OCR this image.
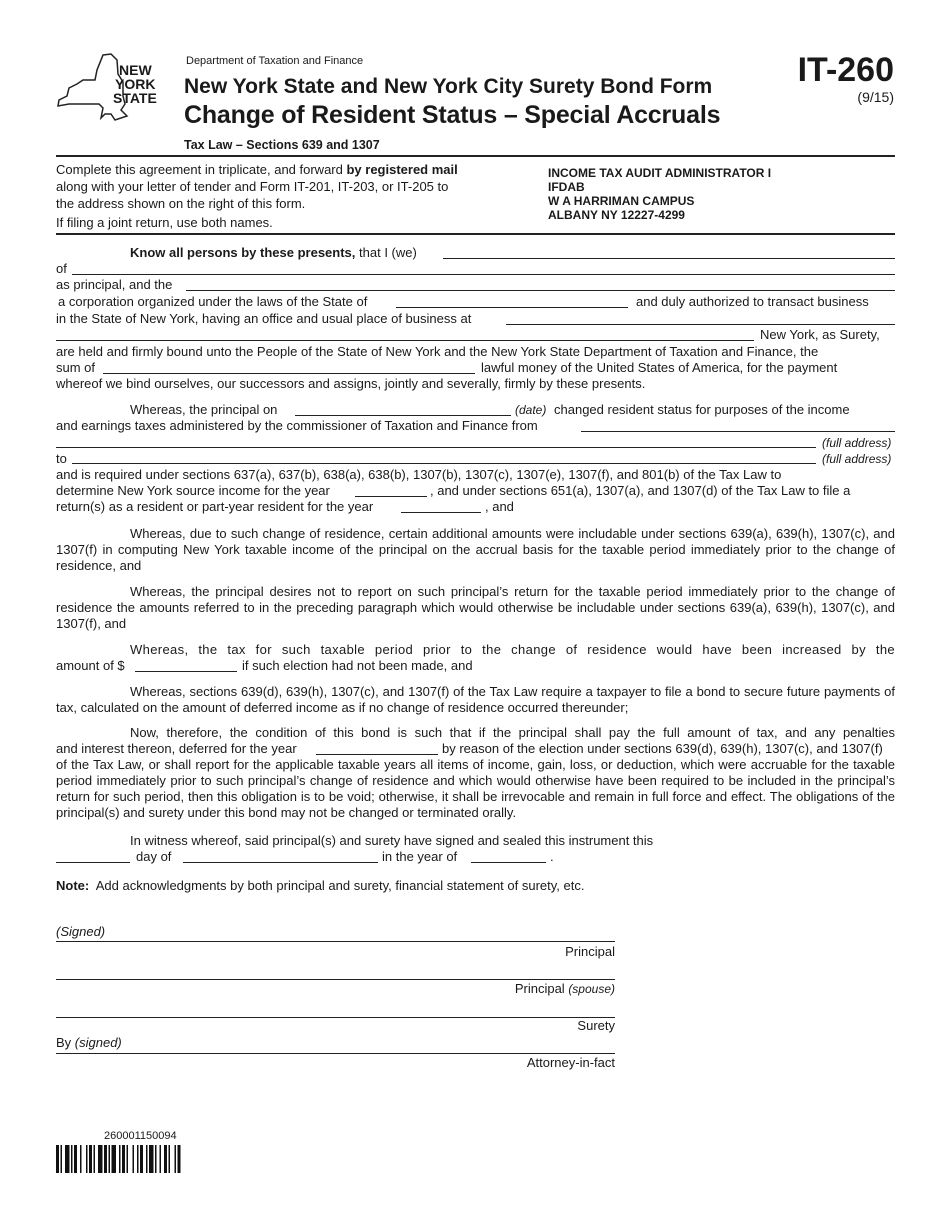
NEW YORK STATE
Department of Taxation and Finance
New York State and New York City Surety Bond Form
Change of Resident Status – Special Accruals
Tax Law – Sections 639 and 1307
IT-260
(9/15)
Complete this agreement in triplicate, and forward by registered mail along with your letter of tender and Form IT-201, IT-203, or IT-205 to the address shown on the right of this form.
If filing a joint return, use both names.
INCOME TAX AUDIT ADMINISTRATOR I
IFDAB
W A HARRIMAN CAMPUS
ALBANY NY 12227-4299
Know all persons by these presents, that I (we)
of
as principal, and the
a corporation organized under the laws of the State of	and duly authorized to transact business
in the State of New York, having an office and usual place of business at
New York, as Surety,
are held and firmly bound unto the People of the State of New York and the New York State Department of Taxation and Finance, the
sum of	lawful money of the United States of America, for the payment
whereof we bind ourselves, our successors and assigns, jointly and severally, firmly by these presents.
Whereas, the principal on	(date) changed resident status for purposes of the income
and earnings taxes administered by the commissioner of Taxation and Finance from
(full address)
to	(full address)
and is required under sections 637(a), 637(b), 638(a), 638(b), 1307(b), 1307(c), 1307(e), 1307(f), and 801(b) of the Tax Law to
determine New York source income for the year	, and under sections 651(a), 1307(a), and 1307(d) of the Tax Law to file a
return(s) as a resident or part-year resident for the year	, and
Whereas, due to such change of residence, certain additional amounts were includable under sections 639(a), 639(h), 1307(c), and 1307(f) in computing New York taxable income of the principal on the accrual basis for the taxable period immediately prior to the change of residence, and
Whereas, the principal desires not to report on such principal’s return for the taxable period immediately prior to the change of residence the amounts referred to in the preceding paragraph which would otherwise be includable under sections 639(a), 639(h), 1307(c), and 1307(f), and
Whereas, the tax for such taxable period prior to the change of residence would have been increased by the
amount of $	if such election had not been made, and
Whereas, sections 639(d), 639(h), 1307(c), and 1307(f) of the Tax Law require a taxpayer to file a bond to secure future payments of tax, calculated on the amount of deferred income as if no change of residence occurred thereunder;
Now, therefore, the condition of this bond is such that if the principal shall pay the full amount of tax, and any penalties
and interest thereon, deferred for the year	by reason of the election under sections 639(d), 639(h), 1307(c), and 1307(f)
of the Tax Law, or shall report for the applicable taxable years all items of income, gain, loss, or deduction, which were accruable for the taxable period immediately prior to such principal’s change of residence and which would otherwise have been required to be included in the principal’s return for such period, then this obligation is to be void; otherwise, it shall be irrevocable and remain in full force and effect. The obligations of the principal(s) and surety under this bond may not be changed or terminated orally.
In witness whereof, said principal(s) and surety have signed and sealed this instrument this
day of	in the year of	.
Note: Add acknowledgments by both principal and surety, financial statement of surety, etc.
(Signed)
Principal
Principal (spouse)
Surety
By (signed)
Attorney-in-fact
260001150094
